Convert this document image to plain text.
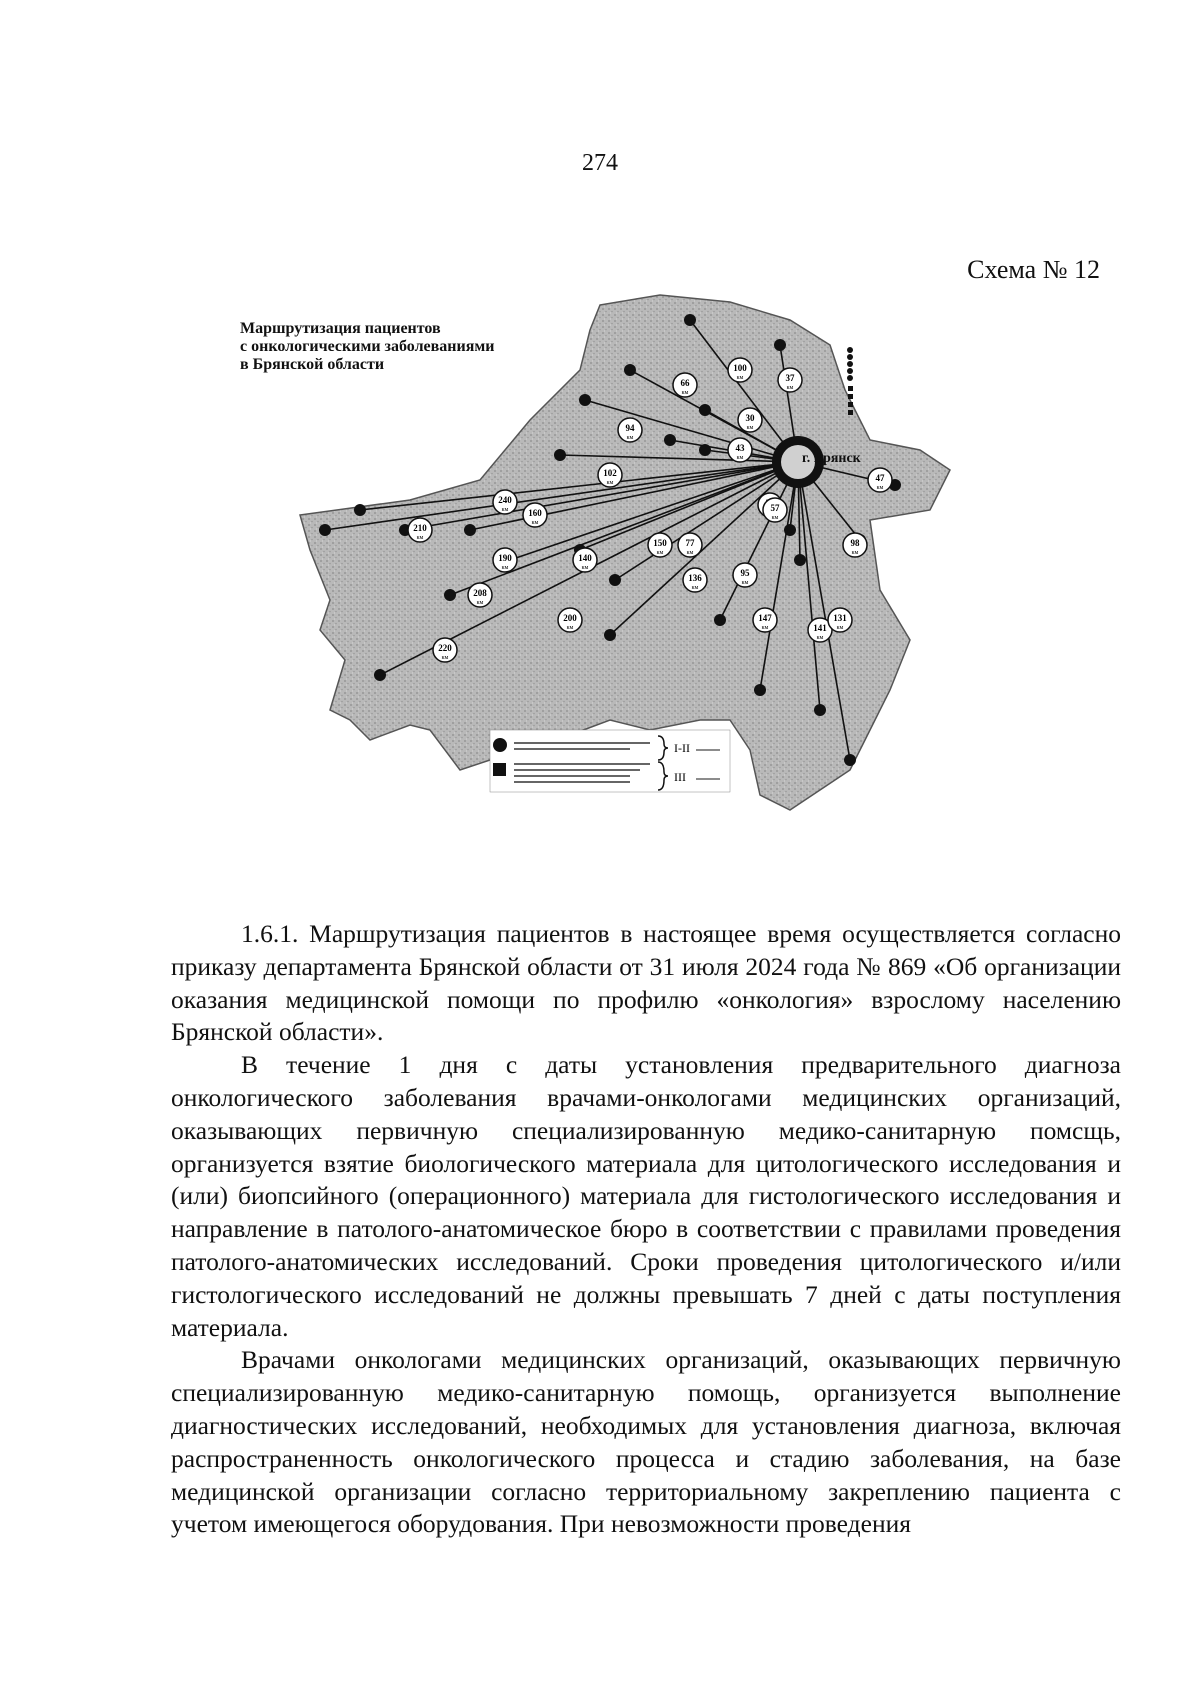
274
Схема № 12
100
км	37
км
66
км
94
км
30
км
43
км
102
км
240
км 160
км
210
км
190
км
140
км
150
км
77
км
57
км
47
км
98
км
208
км
136
км
95
км
200
км
220
км
147
км	141
км
131
км
г. Брянск
I-II
III
Маршрутизация пациентов
с онкологическими заболеваниями
в Брянской области

1.6.1. Маршрутизация пациентов в настоящее время осуществляется согласно приказу департамента Брянской области от 31 июля 2024 года № 869 «Об организации оказания медицинской помощи по профилю «онкология» взрослому населению Брянской области».

В течение 1 дня с даты установления предварительного диагноза онкологического заболевания врачами-онкологами медицинских организаций, оказывающих первичную специализированную медико-санитарную помсщь, организуется взятие биологического материала для цитологического исследования и (или) биопсийного (операционного) материала для гистологического исследования и направление в патолого-анатомическое бюро в соответствии с правилами проведения патолого-анатомических исследований. Сроки проведения цитологического и/или гистологического исследований не должны превышать 7 дней с даты поступления материала.

Врачами онкологами медицинских организаций, оказывающих первичную специализированную медико-санитарную помощь, организуется выполнение диагностических исследований, необходимых для установления диагноза, включая распространенность онкологического процесса и стадию заболевания, на базе медицинской организации согласно территориальному закреплению пациента с учетом имеющегося оборудования. При невозможности проведения
